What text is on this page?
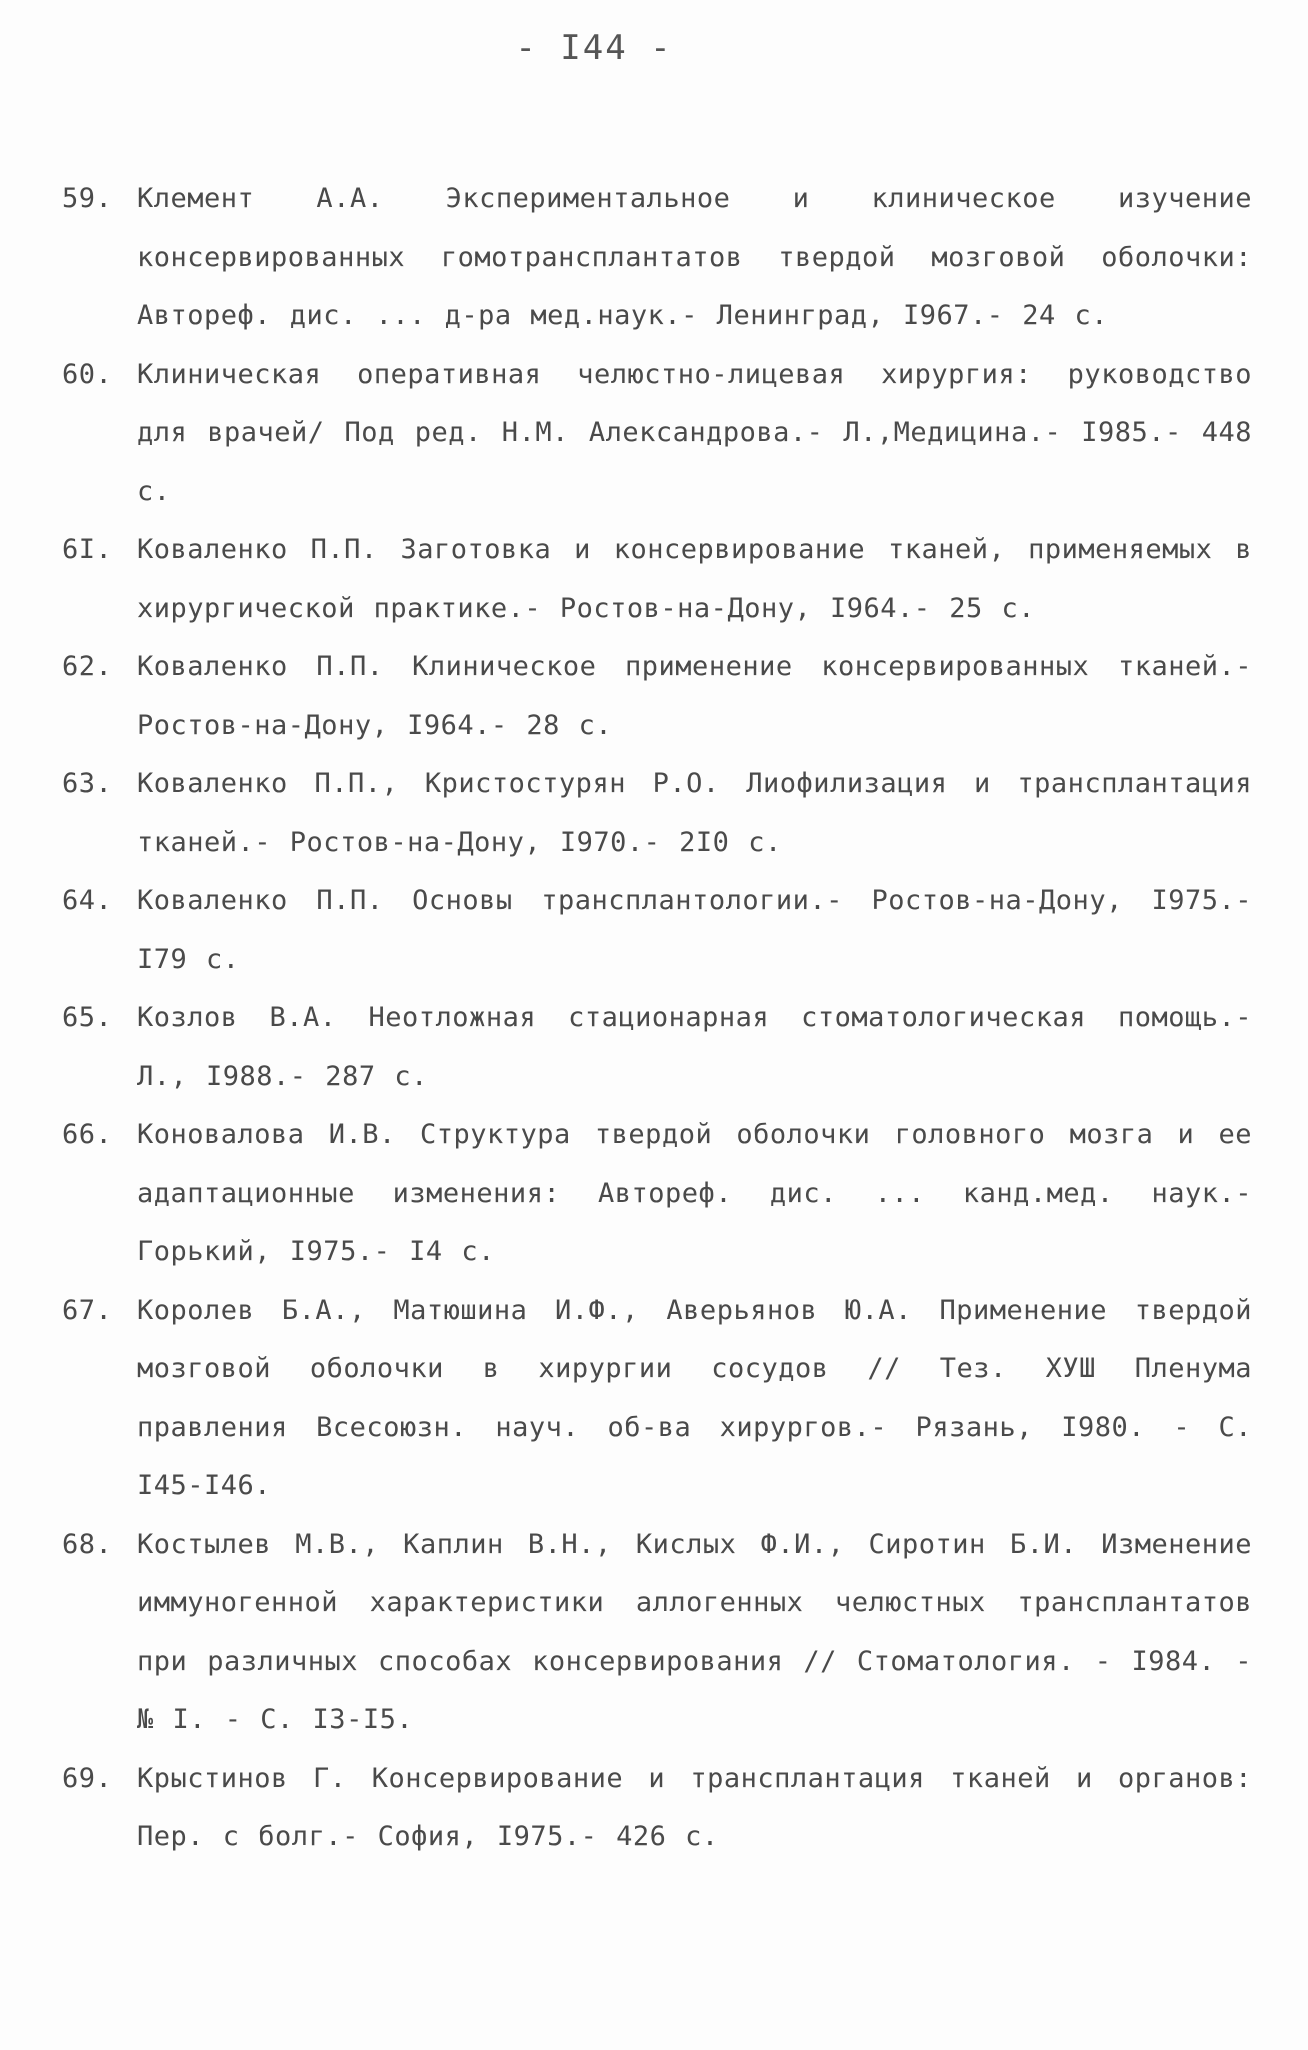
- I44 -
59. Клемент А.А. Экспериментальное и клиническое изучение консервированных гомотрансплантатов твердой мозговой оболочки: Автореф. дис. ... д-ра мед.наук.- Ленинград, I967.- 24 с.
60. Клиническая оперативная челюстно-лицевая хирургия: руководство для врачей/ Под ред. Н.М. Александрова.- Л.,Медицина.- I985.- 448 с.
6I. Коваленко П.П. Заготовка и консервирование тканей, применяемых в хирургической практике.- Ростов-на-Дону, I964.- 25 с.
62. Коваленко П.П. Клиническое применение консервированных тканей.- Ростов-на-Дону, I964.- 28 с.
63. Коваленко П.П., Кристостурян Р.О. Лиофилизация и трансплантация тканей.- Ростов-на-Дону, I970.- 2I0 с.
64. Коваленко П.П. Основы трансплантологии.- Ростов-на-Дону, I975.- I79 с.
65. Козлов В.А. Неотложная стационарная стоматологическая помощь.- Л., I988.- 287 с.
66. Коновалова И.В. Структура твердой оболочки головного мозга и ее адаптационные изменения: Автореф. дис. ... канд.мед. наук.- Горький, I975.- I4 с.
67. Королев Б.А., Матюшина И.Ф., Аверьянов Ю.А. Применение твердой мозговой оболочки в хирургии сосудов // Тез. ХУШ Пленума правления Всесоюзн. науч. об-ва хирургов.- Рязань, I980. - С. I45-I46.
68. Костылев М.В., Каплин В.Н., Кислых Ф.И., Сиротин Б.И. Изменение иммуногенной характеристики аллогенных челюстных трансплантатов при различных способах консервирования // Стоматология. - I984. - № I. - С. I3-I5.
69. Крыстинов Г. Консервирование и трансплантация тканей и органов: Пер. с болг.- София, I975.- 426 с.
